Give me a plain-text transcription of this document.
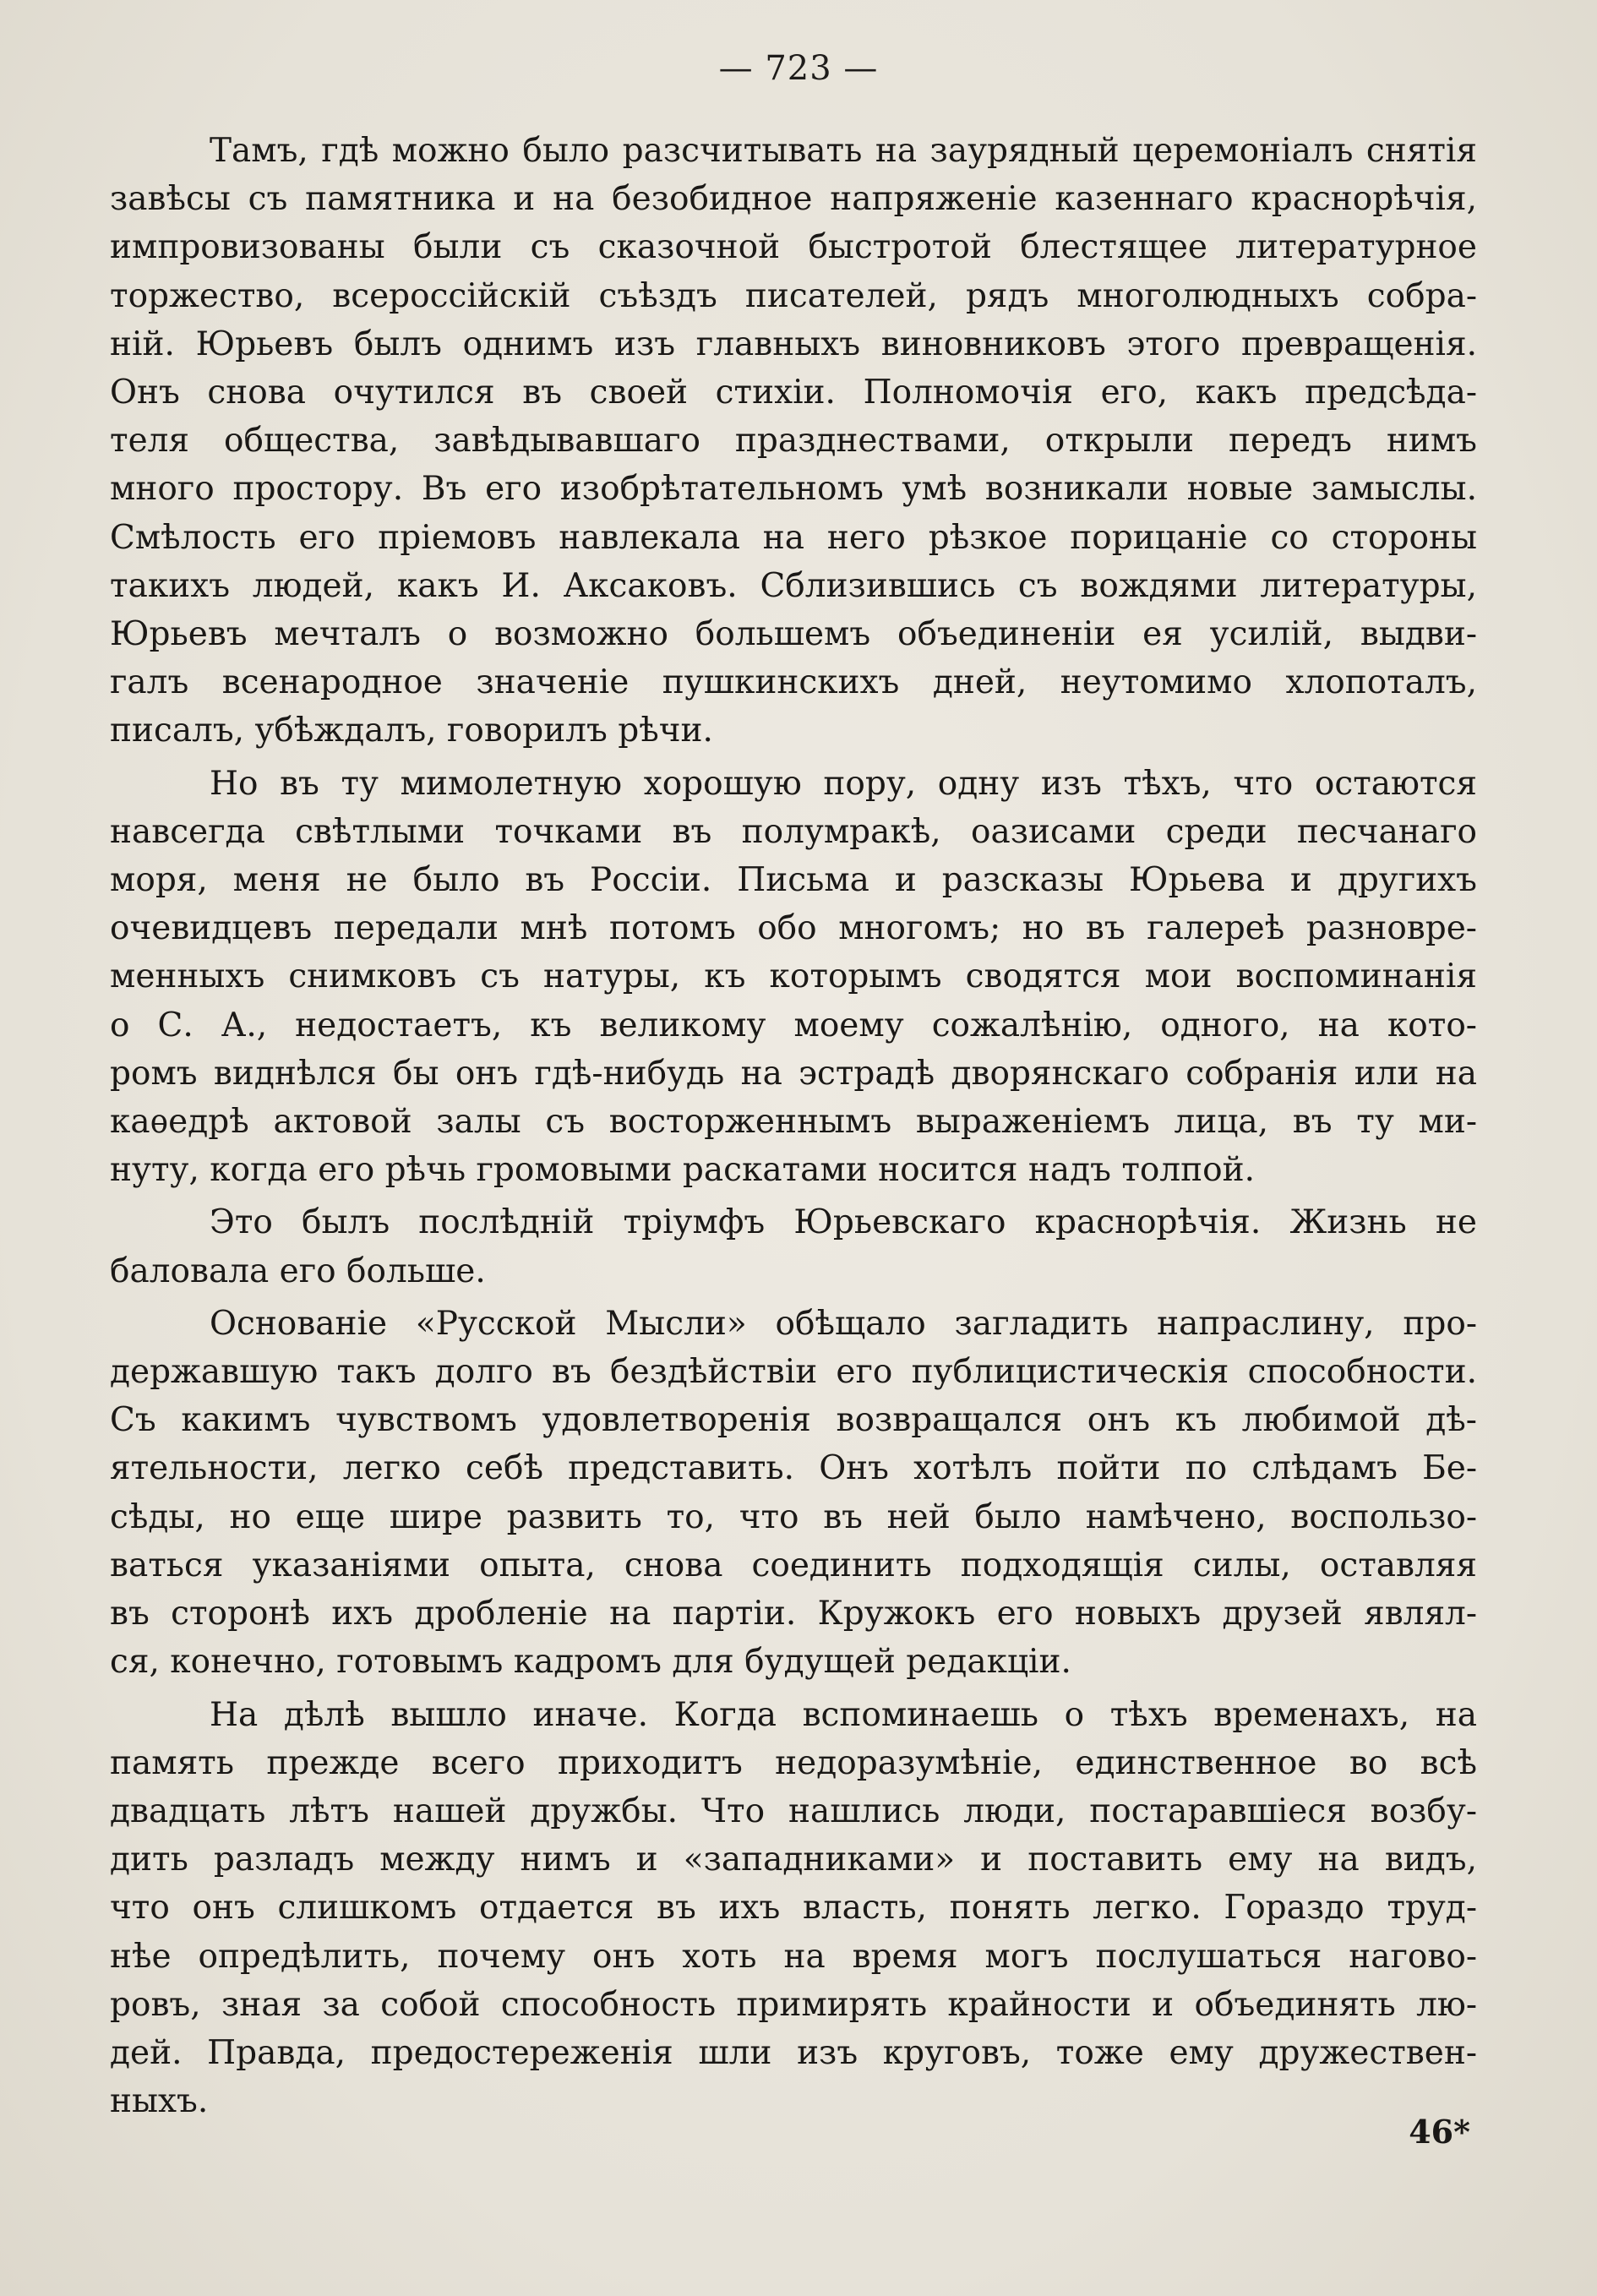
— 723 —

Тамъ, гдѣ можно было разсчитывать на заурядный церемоніалъ снятія
завѣсы съ памятника и на безобидное напряженіе казеннаго краснорѣчія,
импровизованы были съ сказочной быстротой блестящее литературное
торжество, всероссійскій съѣздъ писателей, рядъ многолюдныхъ собра-
ній. Юрьевъ былъ однимъ изъ главныхъ виновниковъ этого превращенія.
Онъ снова очутился въ своей стихіи. Полномочія его, какъ предсѣда-
теля общества, завѣдывавшаго празднествами, открыли передъ нимъ
много простору. Въ его изобрѣтательномъ умѣ возникали новые замыслы.
Смѣлость его пріемовъ навлекала на него рѣзкое порицаніе со стороны
такихъ людей, какъ И. Аксаковъ. Сблизившись съ вождями литературы,
Юрьевъ мечталъ о возможно большемъ объединеніи ея усилій, выдви-
галъ всенародное значеніе пушкинскихъ дней, неутомимо хлопоталъ,
писалъ, убѣждалъ, говорилъ рѣчи.

Но въ ту мимолетную хорошую пору, одну изъ тѣхъ, что остаются
навсегда свѣтлыми точками въ полумракѣ, оазисами среди песчанаго
моря, меня не было въ Россіи. Письма и разсказы Юрьева и другихъ
очевидцевъ передали мнѣ потомъ обо многомъ; но въ галереѣ разновре-
менныхъ снимковъ съ натуры, къ которымъ сводятся мои воспоминанія
о С. А., недостаетъ, къ великому моему сожалѣнію, одного, на кото-
ромъ виднѣлся бы онъ гдѣ-нибудь на эстрадѣ дворянскаго собранія или на
каѳедрѣ актовой залы съ восторженнымъ выраженіемъ лица, въ ту ми-
нуту, когда его рѣчь громовыми раскатами носится надъ толпой.

Это былъ послѣдній тріумфъ Юрьевскаго краснорѣчія. Жизнь не
баловала его больше.

Основаніе «Русской Мысли» обѣщало загладить напраслину, про-
державшую такъ долго въ бездѣйствіи его публицистическія способности.
Съ какимъ чувствомъ удовлетворенія возвращался онъ къ любимой дѣ-
ятельности, легко себѣ представить. Онъ хотѣлъ пойти по слѣдамъ Бе-
сѣды, но еще шире развить то, что въ ней было намѣчено, воспользо-
ваться указаніями опыта, снова соединить подходящія силы, оставляя
въ сторонѣ ихъ дробленіе на партіи. Кружокъ его новыхъ друзей являл-
ся, конечно, готовымъ кадромъ для будущей редакціи.

На дѣлѣ вышло иначе. Когда вспоминаешь о тѣхъ временахъ, на
память прежде всего приходитъ недоразумѣніе, единственное во всѣ
двадцать лѣтъ нашей дружбы. Что нашлись люди, постаравшіеся возбу-
дить разладъ между нимъ и «западниками» и поставить ему на видъ,
что онъ слишкомъ отдается въ ихъ власть, понять легко. Гораздо труд-
нѣе опредѣлить, почему онъ хоть на время могъ послушаться нагово-
ровъ, зная за собой способность примирять крайности и объединять лю-
дей. Правда, предостереженія шли изъ круговъ, тоже ему дружествен-
ныхъ.

46*
